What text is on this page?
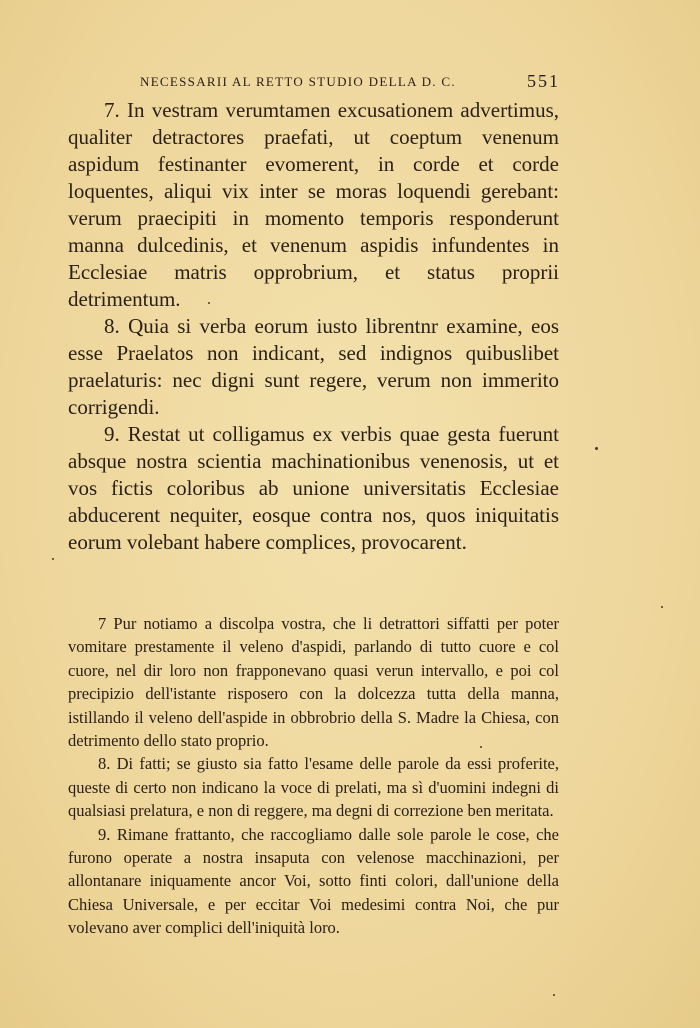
NECESSARII AL RETTO STUDIO DELLA D. C.	551

7. In vestram verumtamen excusationem advertimus, qualiter detractores praefati, ut coeptum venenum aspidum festinanter evomerent, in corde et corde loquentes, aliqui vix inter se moras loquendi gerebant: verum praecipiti in momento temporis responderunt manna dulcedinis, et venenum aspidis infundentes in Ecclesiae matris opprobrium, et status proprii detrimentum.

8. Quia si verba eorum iusto librentnr examine, eos esse Praelatos non indicant, sed indignos quibuslibet praelaturis: nec digni sunt regere, verum non immerito corrigendi.

9. Restat ut colligamus ex verbis quae gesta fuerunt absque nostra scientia machinationibus venenosis, ut et vos fictis coloribus ab unione universitatis Ecclesiae abducerent nequiter, eosque contra nos, quos iniquitatis eorum volebant habere complices, provocarent.

7 Pur notiamo a discolpa vostra, che li detrattori siffatti per poter vomitare prestamente il veleno d'aspidi, parlando di tutto cuore e col cuore, nel dir loro non frapponevano quasi verun intervallo, e poi col precipizio dell'istante risposero con la dolcezza tutta della manna, istillando il veleno dell'aspide in obbrobrio della S. Madre la Chiesa, con detrimento dello stato proprio.

8. Di fatti; se giusto sia fatto l'esame delle parole da essi proferite, queste di certo non indicano la voce di prelati, ma sì d'uomini indegni di qualsiasi prelatura, e non di reggere, ma degni di correzione ben meritata.

9. Rimane frattanto, che raccogliamo dalle sole parole le cose, che furono operate a nostra insaputa con velenose macchinazioni, per allontanare iniquamente ancor Voi, sotto finti colori, dall'unione della Chiesa Universale, e per eccitar Voi medesimi contra Noi, che pur volevano aver complici dell'iniquità loro.
